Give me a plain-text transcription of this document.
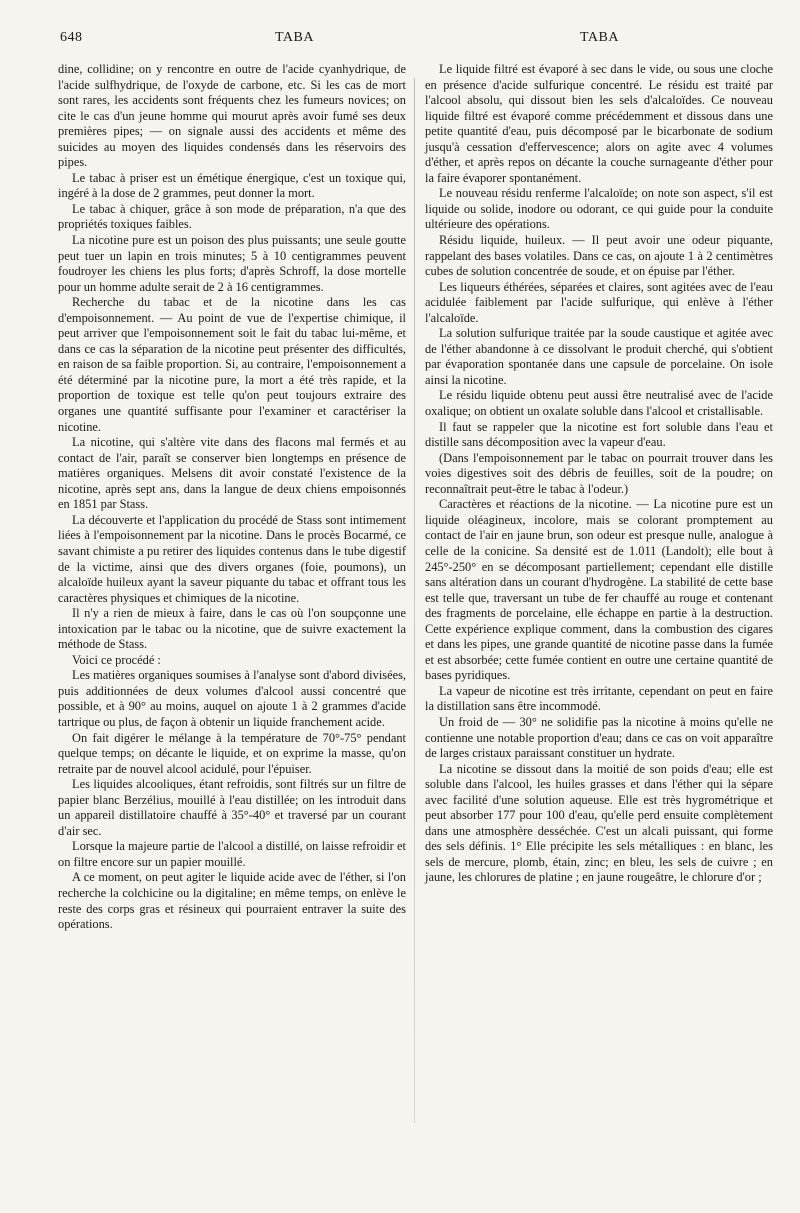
648	TABA	TABA

dine, collidine; on y rencontre en outre de l'acide cyanhydrique, de l'acide sulfhydrique, de l'oxyde de carbone, etc. Si les cas de mort sont rares, les accidents sont fréquents chez les fumeurs novices; on cite le cas d'un jeune homme qui mourut après avoir fumé ses deux premières pipes; — on signale aussi des accidents et même des suicides au moyen des liquides condensés dans les réservoirs des pipes.

Le tabac à priser est un émétique énergique, c'est un toxique qui, ingéré à la dose de 2 grammes, peut donner la mort.

Le tabac à chiquer, grâce à son mode de préparation, n'a que des propriétés toxiques faibles.

La nicotine pure est un poison des plus puissants; une seule goutte peut tuer un lapin en trois minutes; 5 à 10 centigrammes peuvent foudroyer les chiens les plus forts; d'après Schroff, la dose mortelle pour un homme adulte serait de 2 à 16 centigrammes.

Recherche du tabac et de la nicotine dans les cas d'empoisonnement. — Au point de vue de l'expertise chimique, il peut arriver que l'empoisonnement soit le fait du tabac lui-même, et dans ce cas la séparation de la nicotine peut présenter des difficultés, en raison de sa faible proportion. Si, au contraire, l'empoisonnement a été déterminé par la nicotine pure, la mort a été très rapide, et la proportion de toxique est telle qu'on peut toujours extraire des organes une quantité suffisante pour l'examiner et caractériser la nicotine.

La nicotine, qui s'altère vite dans des flacons mal fermés et au contact de l'air, paraît se conserver bien longtemps en présence de matières organiques. Melsens dit avoir constaté l'existence de la nicotine, après sept ans, dans la langue de deux chiens empoisonnés en 1851 par Stass.

La découverte et l'application du procédé de Stass sont intimement liées à l'empoisonnement par la nicotine. Dans le procès Bocarmé, ce savant chimiste a pu retirer des liquides contenus dans le tube digestif de la victime, ainsi que des divers organes (foie, poumons), un alcaloïde huileux ayant la saveur piquante du tabac et offrant tous les caractères physiques et chimiques de la nicotine.

Il n'y a rien de mieux à faire, dans le cas où l'on soupçonne une intoxication par le tabac ou la nicotine, que de suivre exactement la méthode de Stass.

Voici ce procédé :

Les matières organiques soumises à l'analyse sont d'abord divisées, puis additionnées de deux volumes d'alcool aussi concentré que possible, et à 90° au moins, auquel on ajoute 1 à 2 grammes d'acide tartrique ou plus, de façon à obtenir un liquide franchement acide.

On fait digérer le mélange à la température de 70°-75° pendant quelque temps; on décante le liquide, et on exprime la masse, qu'on retraite par de nouvel alcool acidulé, pour l'épuiser.

Les liquides alcooliques, étant refroidis, sont filtrés sur un filtre de papier blanc Berzélius, mouillé à l'eau distillée; on les introduit dans un appareil distillatoire chauffé à 35°-40° et traversé par un courant d'air sec.

Lorsque la majeure partie de l'alcool a distillé, on laisse refroidir et on filtre encore sur un papier mouillé.

A ce moment, on peut agiter le liquide acide avec de l'éther, si l'on recherche la colchicine ou la digitaline; en même temps, on enlève le reste des corps gras et résineux qui pourraient entraver la suite des opérations.

Le liquide filtré est évaporé à sec dans le vide, ou sous une cloche en présence d'acide sulfurique concentré. Le résidu est traité par l'alcool absolu, qui dissout bien les sels d'alcaloïdes. Ce nouveau liquide filtré est évaporé comme précédemment et dissous dans une petite quantité d'eau, puis décomposé par le bicarbonate de sodium jusqu'à cessation d'effervescence; alors on agite avec 4 volumes d'éther, et après repos on décante la couche surnageante d'éther pour la faire évaporer spontanément.

Le nouveau résidu renferme l'alcaloïde; on note son aspect, s'il est liquide ou solide, inodore ou odorant, ce qui guide pour la conduite ultérieure des opérations.

Résidu liquide, huileux. — Il peut avoir une odeur piquante, rappelant des bases volatiles. Dans ce cas, on ajoute 1 à 2 centimètres cubes de solution concentrée de soude, et on épuise par l'éther.

Les liqueurs éthérées, séparées et claires, sont agitées avec de l'eau acidulée faiblement par l'acide sulfurique, qui enlève à l'éther l'alcaloïde.

La solution sulfurique traitée par la soude caustique et agitée avec de l'éther abandonne à ce dissolvant le produit cherché, qui s'obtient par évaporation spontanée dans une capsule de porcelaine. On isole ainsi la nicotine.

Le résidu liquide obtenu peut aussi être neutralisé avec de l'acide oxalique; on obtient un oxalate soluble dans l'alcool et cristallisable.

Il faut se rappeler que la nicotine est fort soluble dans l'eau et distille sans décomposition avec la vapeur d'eau.

(Dans l'empoisonnement par le tabac on pourrait trouver dans les voies digestives soit des débris de feuilles, soit de la poudre; on reconnaîtrait peut-être le tabac à l'odeur.)

Caractères et réactions de la nicotine. — La nicotine pure est un liquide oléagineux, incolore, mais se colorant promptement au contact de l'air en jaune brun, son odeur est presque nulle, analogue à celle de la conicine. Sa densité est de 1.011 (Landolt); elle bout à 245°-250° en se décomposant partiellement; cependant elle distille sans altération dans un courant d'hydrogène. La stabilité de cette base est telle que, traversant un tube de fer chauffé au rouge et contenant des fragments de porcelaine, elle échappe en partie à la destruction. Cette expérience explique comment, dans la combustion des cigares et dans les pipes, une grande quantité de nicotine passe dans la fumée et est absorbée; cette fumée contient en outre une certaine quantité de bases pyridiques.

La vapeur de nicotine est très irritante, cependant on peut en faire la distillation sans être incommodé.

Un froid de — 30° ne solidifie pas la nicotine à moins qu'elle ne contienne une notable proportion d'eau; dans ce cas on voit apparaître de larges cristaux paraissant constituer un hydrate.

La nicotine se dissout dans la moitié de son poids d'eau; elle est soluble dans l'alcool, les huiles grasses et dans l'éther qui la sépare avec facilité d'une solution aqueuse. Elle est très hygrométrique et peut absorber 177 pour 100 d'eau, qu'elle perd ensuite complètement dans une atmosphère desséchée. C'est un alcali puissant, qui forme des sels définis. 1° Elle précipite les sels métalliques : en blanc, les sels de mercure, plomb, étain, zinc; en bleu, les sels de cuivre ; en jaune, les chlorures de platine ; en jaune rougeâtre, le chlorure d'or ;
